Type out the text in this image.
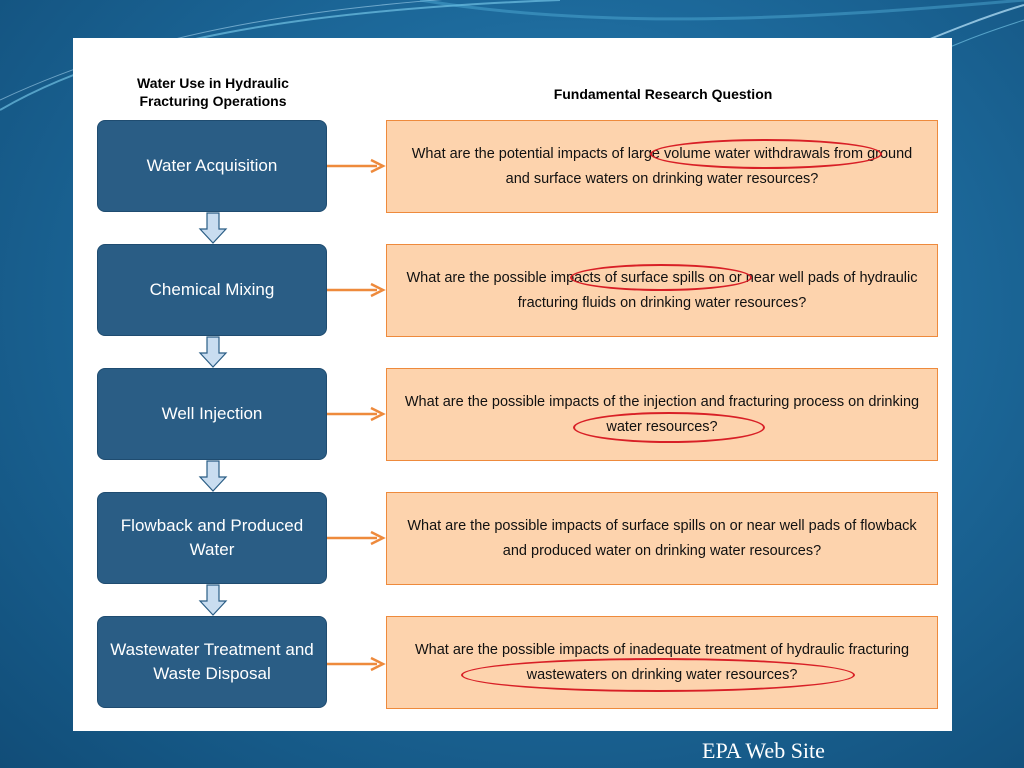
Water Use in Hydraulic Fracturing Operations	Fundamental Research Question
Water Acquisition
What are the potential impacts of large volume water withdrawals from ground and surface waters on drinking water resources?
Chemical Mixing
What are the possible impacts of surface spills on or near well pads of hydraulic fracturing fluids on drinking water resources?
Well Injection
What are the possible impacts of the injection and fracturing process on drinking water resources?
Flowback and Produced Water
What are the possible impacts of surface spills on or near well pads of flowback and produced water on drinking water resources?
Wastewater Treatment and Waste Disposal
What are the possible impacts of inadequate treatment of hydraulic fracturing wastewaters on drinking water resources?
EPA Web Site
